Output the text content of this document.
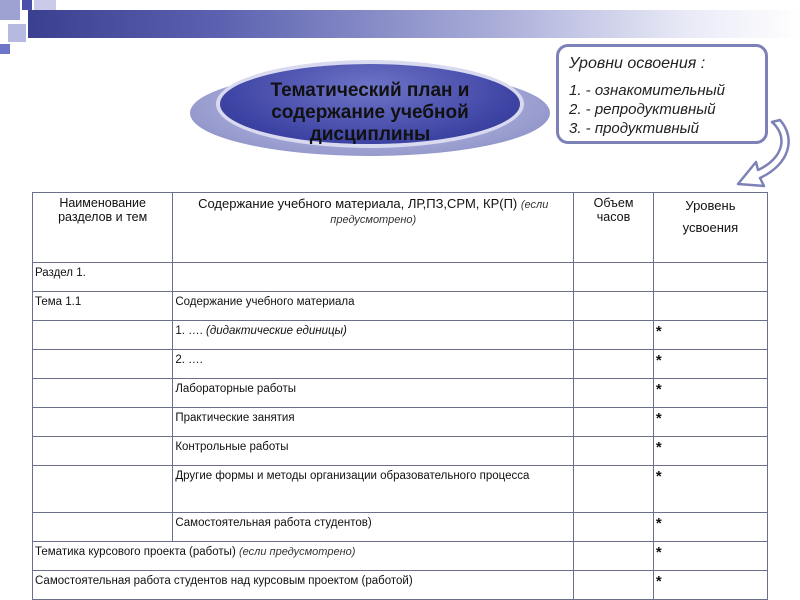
Тематический план и
содержание учебной
дисциплины
Уровни освоения :
1. - ознакомительный
2. - репродуктивный
3. - продуктивный
Наименование разделов и тем	Содержание учебного материала, ЛР,ПЗ,СРМ, КР(П) (если предусмотрено)	Объем часов	Уровень
усвоения
Раздел 1.			
Тема 1.1	Содержание учебного материала		
	1. …. (дидактические единицы)		*
	2. ….		*
	Лабораторные работы		*
	Практические занятия		*
	Контрольные работы		*
	Другие формы и методы организации образовательного процесса		*
	Самостоятельная работа студентов)		*
Тематика курсового проекта (работы) (если предусмотрено)			*
Самостоятельная работа студентов над курсовым проектом (работой)			*
